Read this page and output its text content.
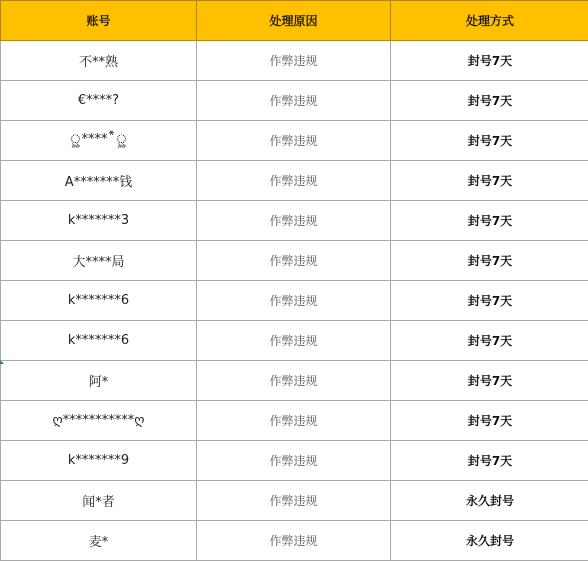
账号	处理原因	处理方式
不**熟	作弊违规	封号7天
€****?	作弊违规	封号7天
ৣ*****ৣ	作弊违规	封号7天
A*******钱	作弊违规	封号7天
k*******3	作弊违规	封号7天
大****局	作弊违规	封号7天
k*******6	作弊违规	封号7天
k*******6	作弊违规	封号7天
阿*	作弊违规	封号7天
ღ***********ღ	作弊违规	封号7天
k*******9	作弊违规	封号7天
闻*者	作弊违规	永久封号
麦*	作弊违规	永久封号
